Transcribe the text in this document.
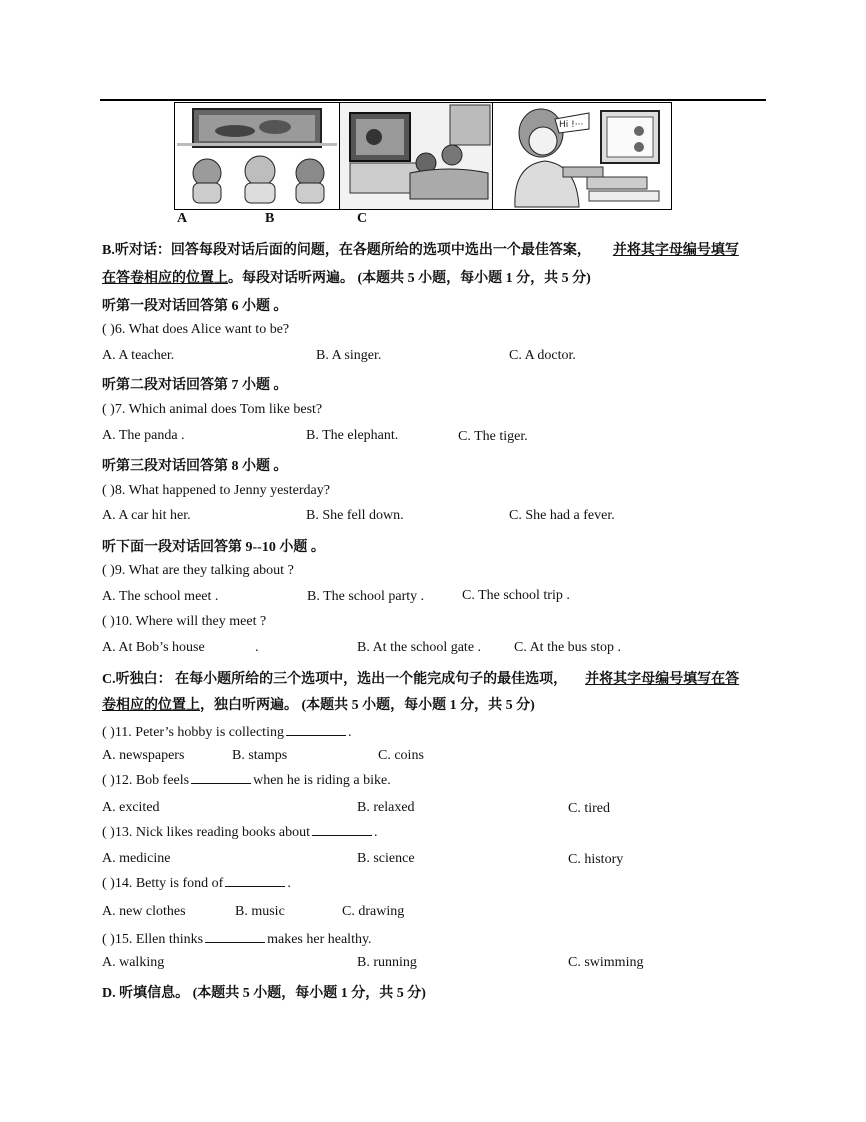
Hi !···
A	B	C
B.听对话：回答每段对话后面的问题，在各题所给的选项中选出一个最佳答案， 并将其字母编号填写
在答卷相应的位置上。每段对话听两遍。 (本题共 5 小题，每小题 1 分，共 5 分)
听第一段对话回答第 6 小题 。
( )6. What does Alice want to be?
A. A teacher.	B. A singer.	C. A doctor.
听第二段对话回答第 7 小题 。
( )7. Which animal does Tom like best?
A. The panda .	B. The elephant.	C. The tiger.
听第三段对话回答第 8 小题 。
( )8. What happened to Jenny yesterday?
A. A car hit her.	B. She fell down.	C. She had a fever.
听下面一段对话回答第 9--10 小题 。
( )9. What are they talking about ?
A. The school meet .	B. The school party .	C. The school trip .
( )10. Where will they meet ?
A. At Bob’s house	.	B. At the school gate . C. At the bus stop .
C.听独白： 在每小题所给的三个选项中，选出一个能完成句子的最佳选项， 并将其字母编号填写在答
卷相应的位置上，独白听两遍。 (本题共 5 小题，每小题 1 分，共 5 分)
( )11. Peter’s hobby is collecting	.
A. newspapers	B. stamps	C. coins
( )12. Bob feels	when he is riding a bike.
A. excited	B. relaxed	C. tired
( )13. Nick likes reading books about	.
A. medicine	B. science	C. history
( )14. Betty is fond of	.
A. new clothes	B. music	C. drawing
( )15. Ellen thinks	makes her healthy.
A. walking	B. running	C. swimming
D. 听填信息。 (本题共 5 小题，每小题 1 分，共 5 分)
